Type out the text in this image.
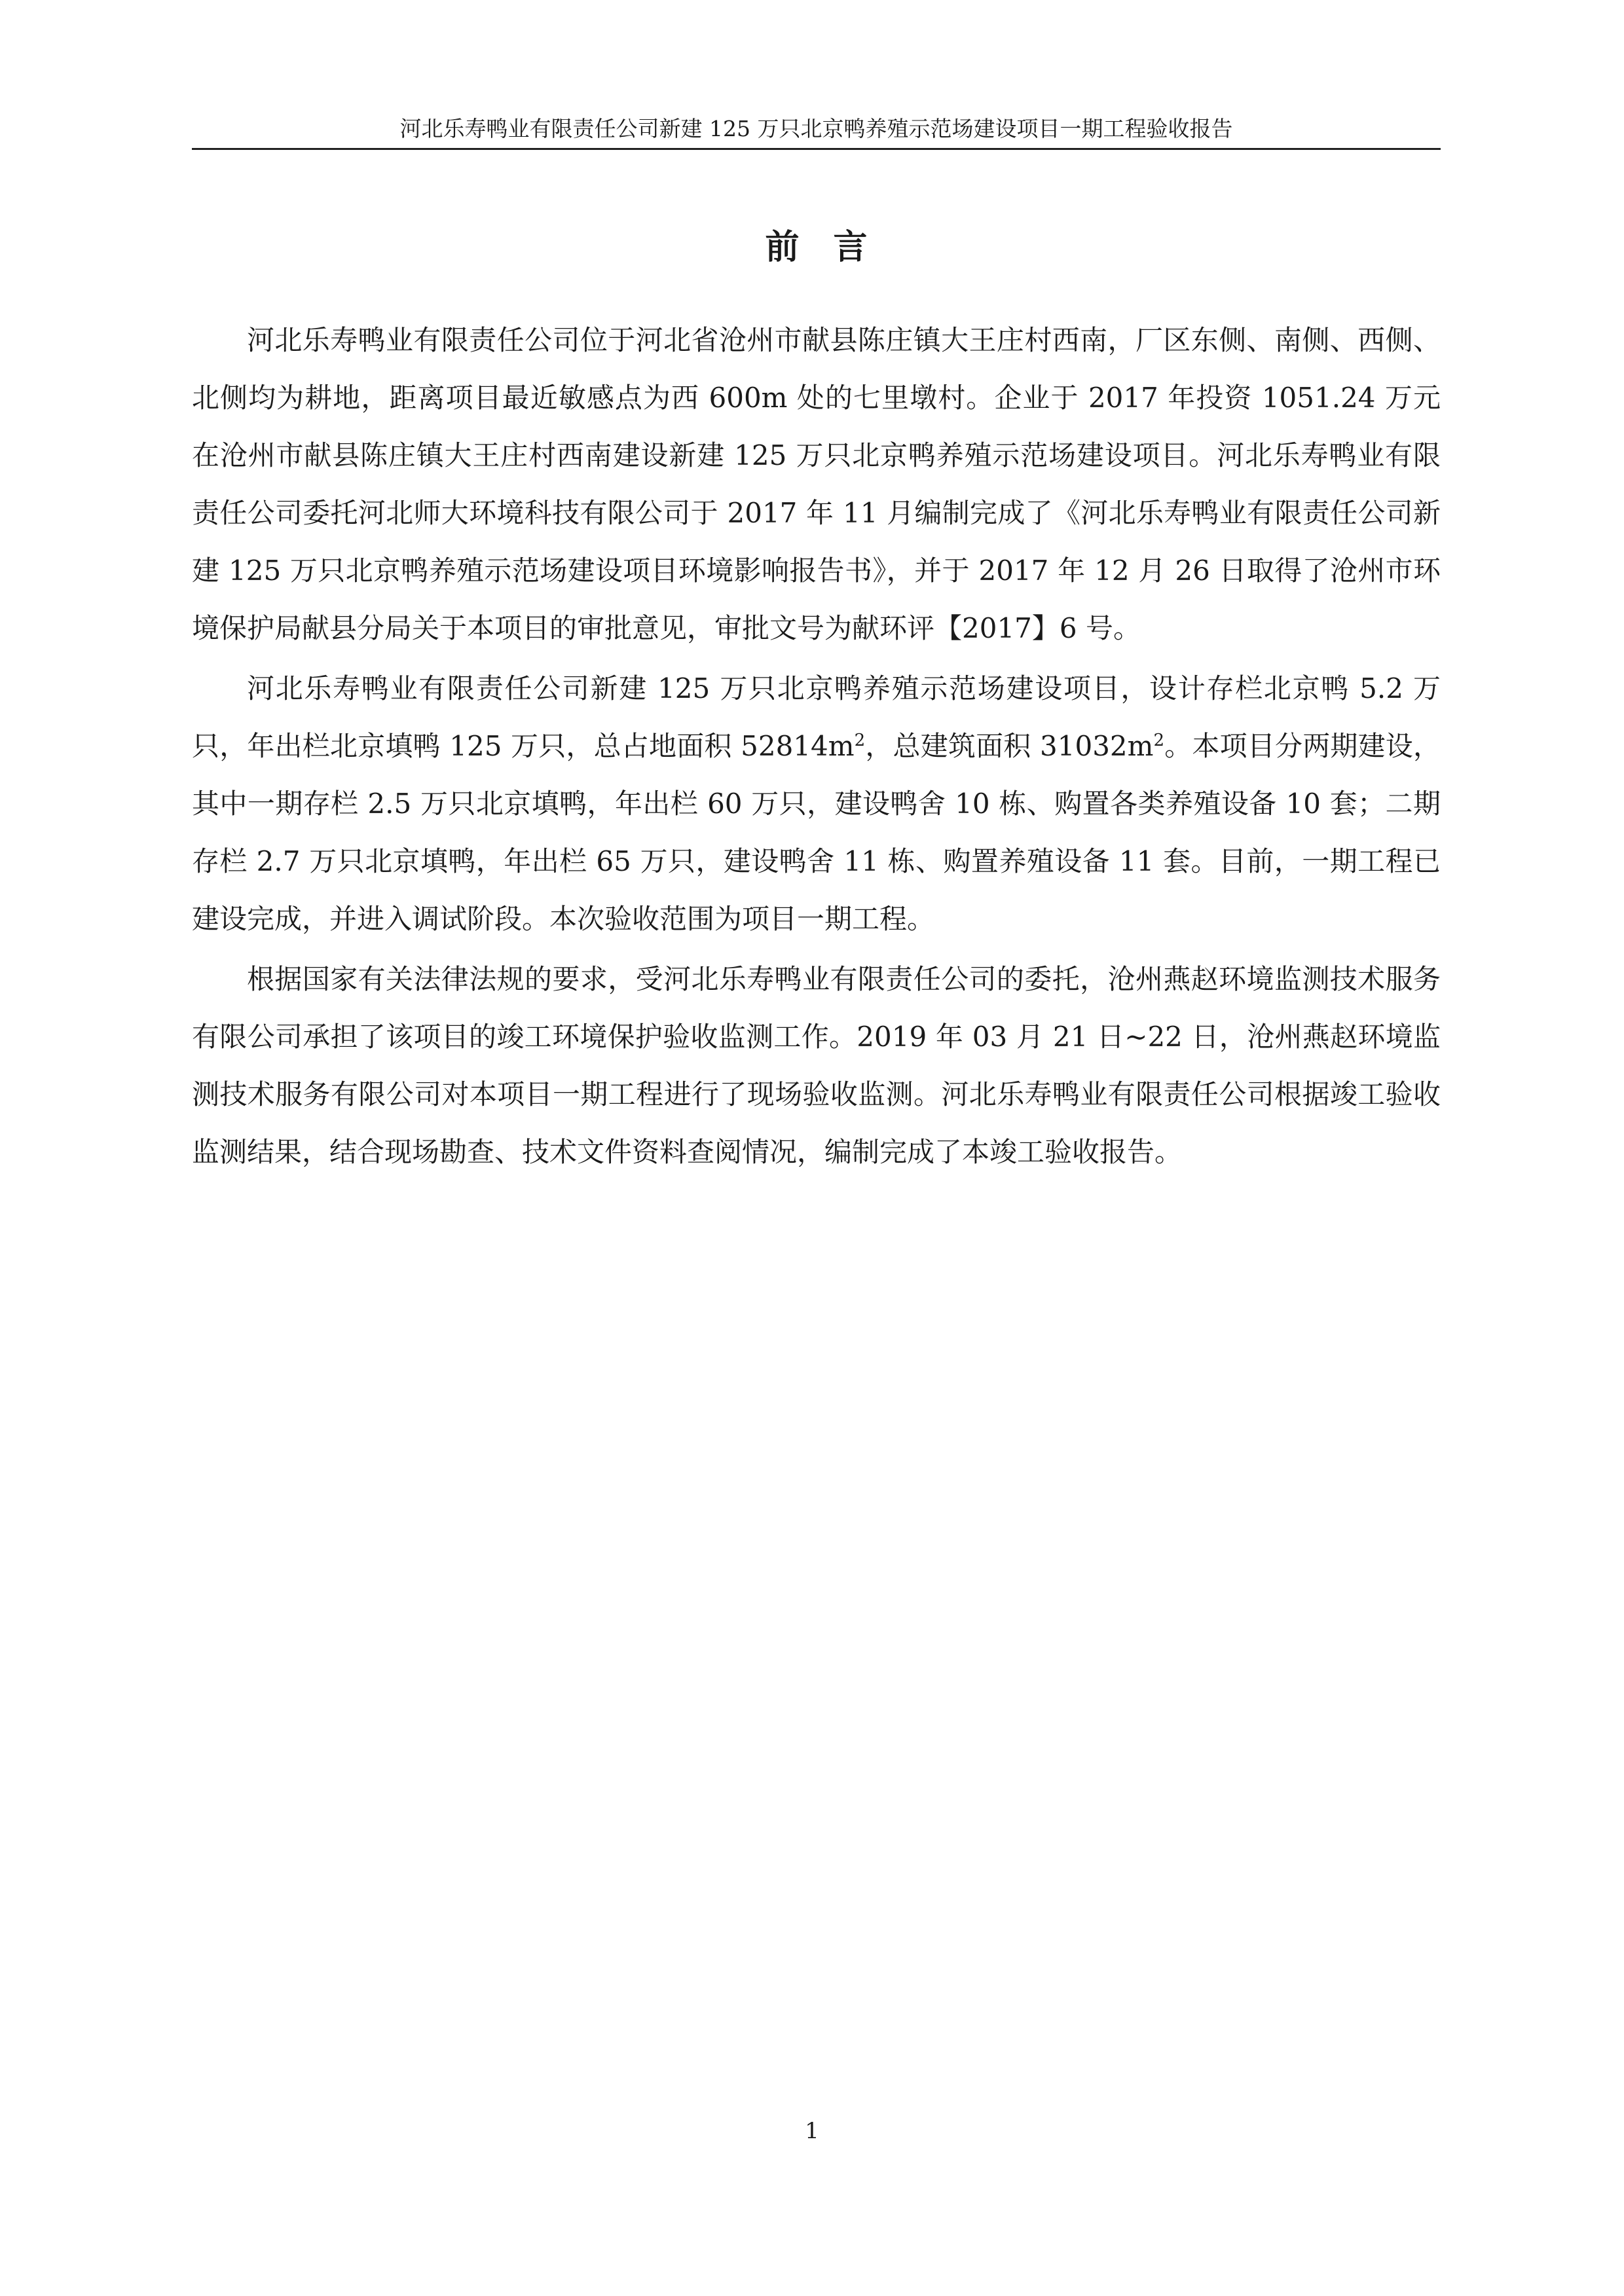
河北乐寿鸭业有限责任公司新建 125 万只北京鸭养殖示范场建设项目一期工程验收报告
前言

河北乐寿鸭业有限责任公司位于河北省沧州市献县陈庄镇大王庄村西南，厂区东侧、南侧、西侧、北侧均为耕地，距离项目最近敏感点为西 600m 处的七里墩村。企业于 2017 年投资 1051.24 万元在沧州市献县陈庄镇大王庄村西南建设新建 125 万只北京鸭养殖示范场建设项目。河北乐寿鸭业有限责任公司委托河北师大环境科技有限公司于 2017 年 11 月编制完成了《河北乐寿鸭业有限责任公司新建 125 万只北京鸭养殖示范场建设项目环境影响报告书》，并于 2017 年 12 月 26 日取得了沧州市环境保护局献县分局关于本项目的审批意见，审批文号为献环评【2017】6 号。

河北乐寿鸭业有限责任公司新建 125 万只北京鸭养殖示范场建设项目，设计存栏北京鸭 5.2 万只，年出栏北京填鸭 125 万只，总占地面积 $52814m^2$，总建筑面积 $31032m^2$。本项目分两期建设，其中一期存栏 2.5 万只北京填鸭，年出栏 60 万只，建设鸭舍 10 栋、购置各类养殖设备 10 套；二期存栏 2.7 万只北京填鸭，年出栏 65 万只，建设鸭舍 11 栋、购置养殖设备 11 套。目前，一期工程已建设完成，并进入调试阶段。本次验收范围为项目一期工程。

根据国家有关法律法规的要求，受河北乐寿鸭业有限责任公司的委托，沧州燕赵环境监测技术服务有限公司承担了该项目的竣工环境保护验收监测工作。2019 年 03 月 21 日~22 日，沧州燕赵环境监测技术服务有限公司对本项目一期工程进行了现场验收监测。河北乐寿鸭业有限责任公司根据竣工验收监测结果，结合现场勘查、技术文件资料查阅情况，编制完成了本竣工验收报告。

1
